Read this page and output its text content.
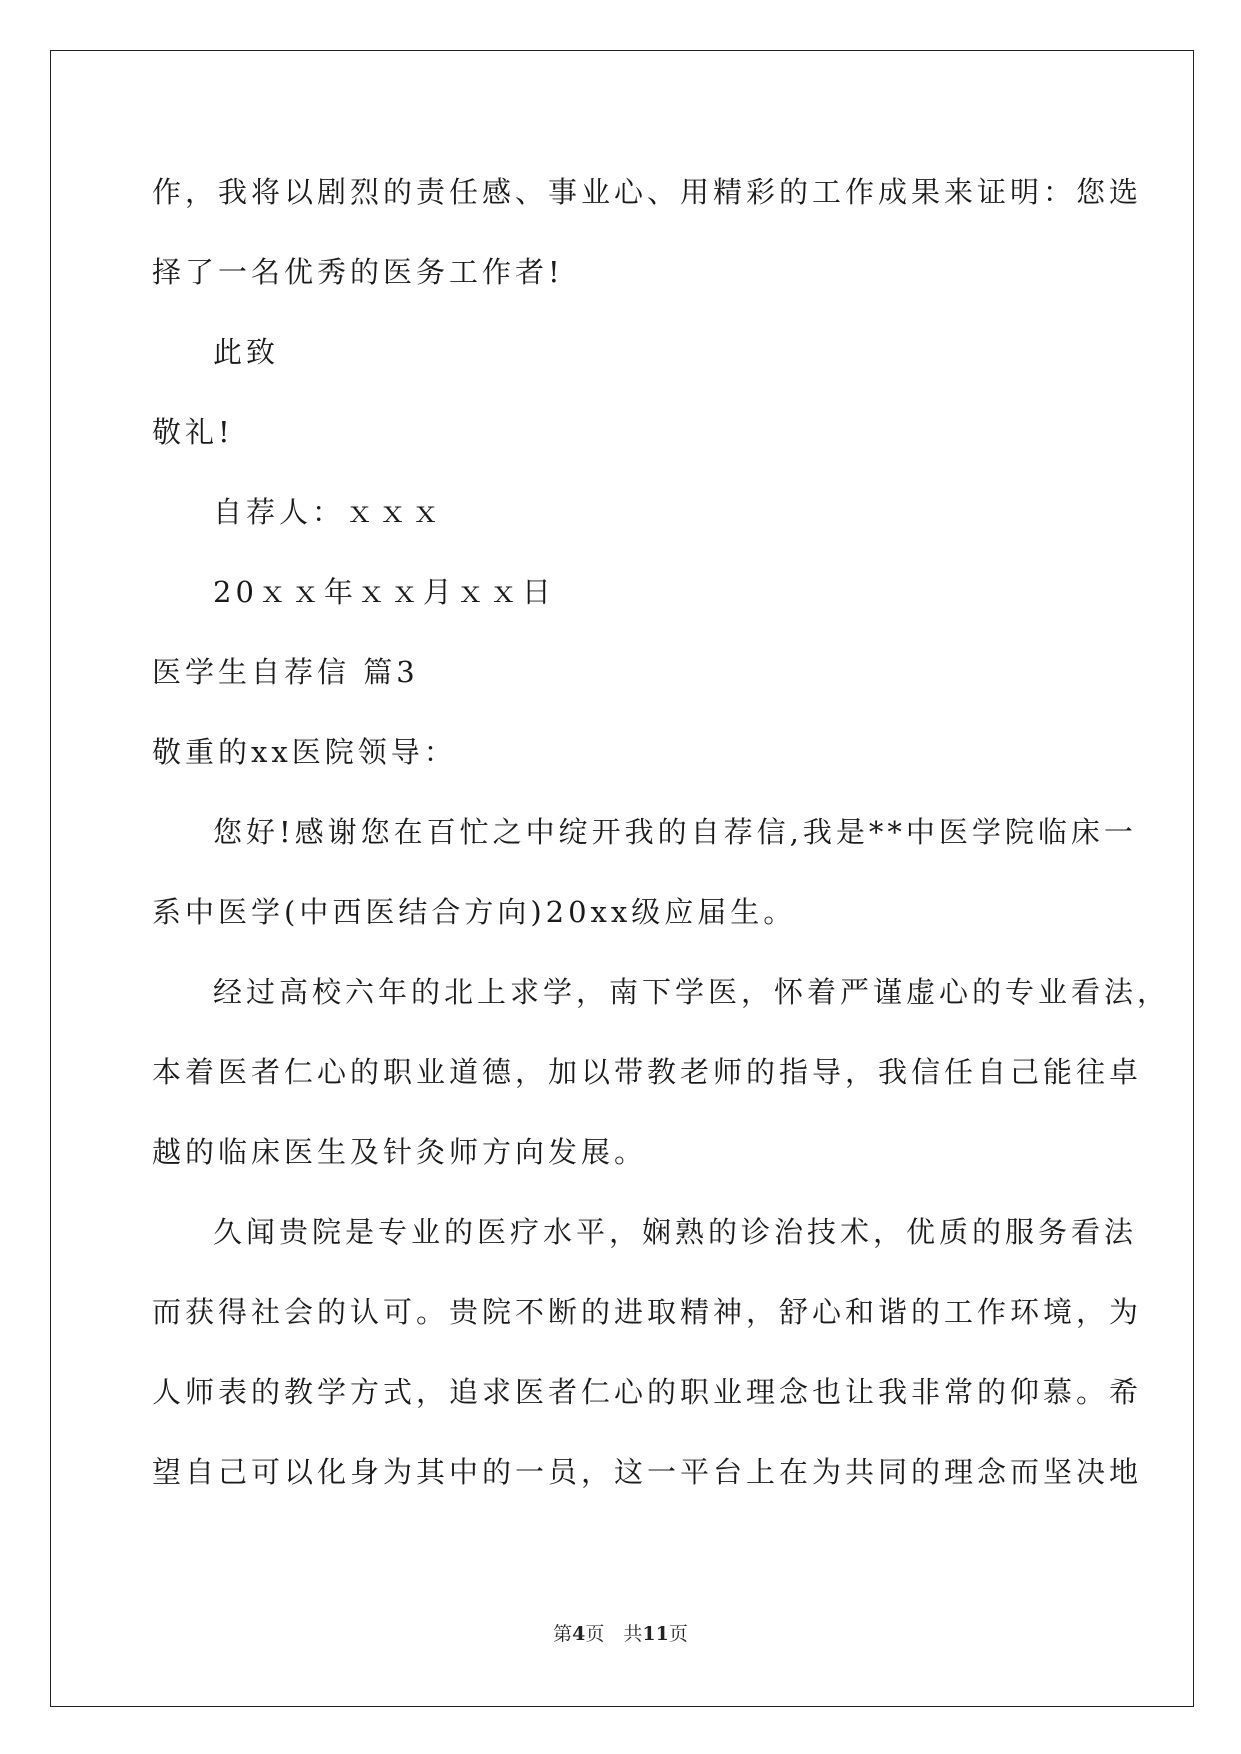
作，我将以剧烈的责任感、事业心、用精彩的工作成果来证明：您选
择了一名优秀的医务工作者!
此致
敬礼!
自荐人：ｘｘｘ
20ｘｘ年ｘｘ月ｘｘ日
医学生自荐信 篇3
敬重的xx医院领导：
您好!感谢您在百忙之中绽开我的自荐信,我是**中医学院临床一
系中医学(中西医结合方向)20xx级应届生。
经过高校六年的北上求学，南下学医，怀着严谨虚心的专业看法，
本着医者仁心的职业道德，加以带教老师的指导，我信任自己能往卓
越的临床医生及针灸师方向发展。
久闻贵院是专业的医疗水平，娴熟的诊治技术，优质的服务看法
而获得社会的认可。贵院不断的进取精神，舒心和谐的工作环境，为
人师表的教学方式，追求医者仁心的职业理念也让我非常的仰慕。希
望自己可以化身为其中的一员，这一平台上在为共同的理念而坚决地
第4页　共11页
